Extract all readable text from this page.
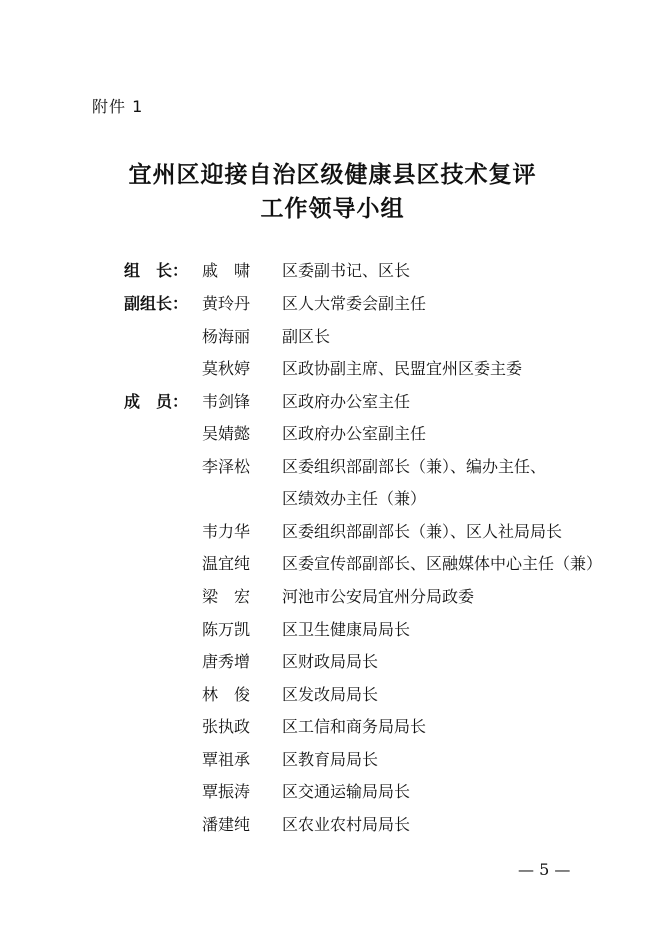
附件 1
宜州区迎接自治区级健康县区技术复评
工作领导小组
组　长： 戚　啸 区委副书记、区长
副组长： 黄玲丹 区人大常委会副主任
杨海丽 副区长
莫秋婷 区政协副主席、民盟宜州区委主委
成　员： 韦剑锋 区政府办公室主任
吴婧懿 区政府办公室副主任
李泽松 区委组织部副部长（兼）、编办主任、
区绩效办主任（兼）
韦力华 区委组织部副部长（兼）、区人社局局长
温宜纯 区委宣传部副部长、区融媒体中心主任（兼）
梁　宏 河池市公安局宜州分局政委
陈万凯 区卫生健康局局长
唐秀增 区财政局局长
林　俊 区发改局局长
张执政 区工信和商务局局长
覃祖承 区教育局局长
覃振涛 区交通运输局局长
潘建纯 区农业农村局局长
— 5 —
